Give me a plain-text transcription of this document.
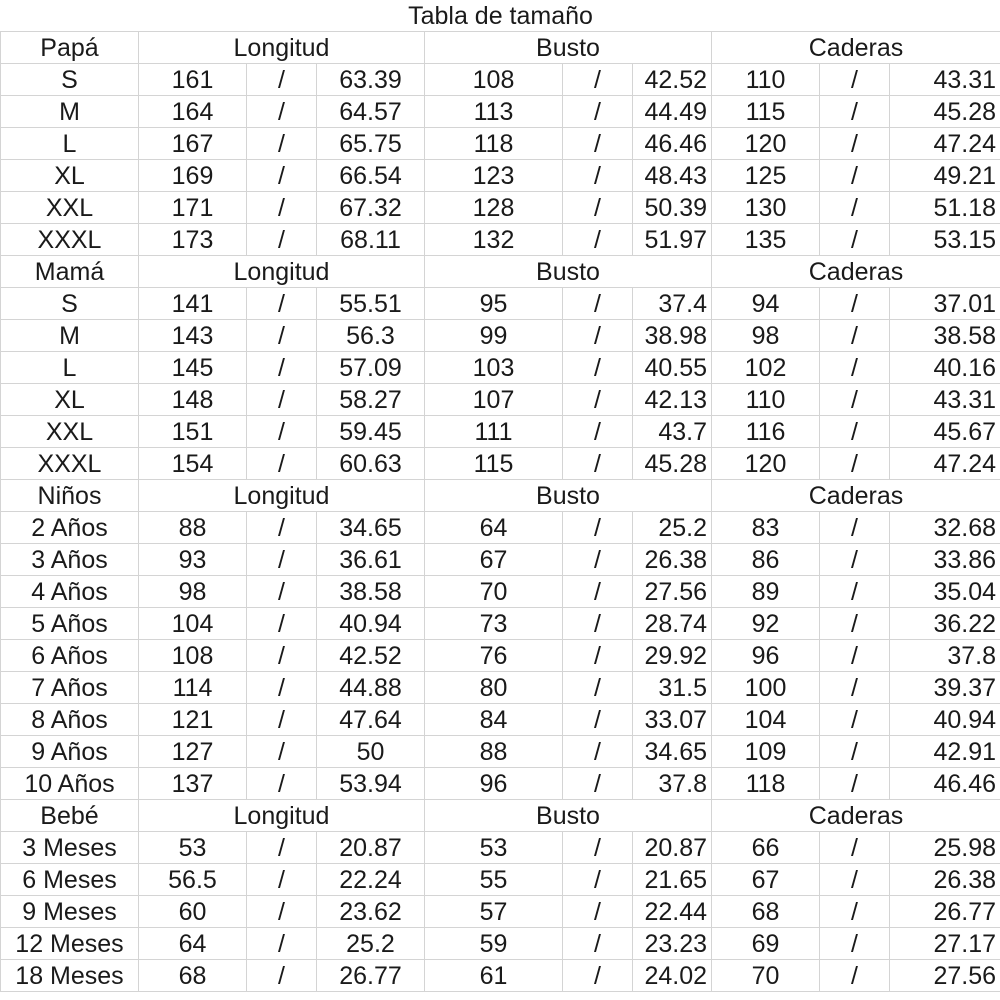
Tabla de tamaño									
Papá	Longitud			Busto			Caderas		
S	161	/	63.39	108	/	42.52	110	/	43.31
M	164	/	64.57	113	/	44.49	115	/	45.28
L	167	/	65.75	118	/	46.46	120	/	47.24
XL	169	/	66.54	123	/	48.43	125	/	49.21
XXL	171	/	67.32	128	/	50.39	130	/	51.18
XXXL	173	/	68.11	132	/	51.97	135	/	53.15
Mamá	Longitud			Busto			Caderas		
S	141	/	55.51	95	/	37.4	94	/	37.01
M	143	/	56.3	99	/	38.98	98	/	38.58
L	145	/	57.09	103	/	40.55	102	/	40.16
XL	148	/	58.27	107	/	42.13	110	/	43.31
XXL	151	/	59.45	111	/	43.7	116	/	45.67
XXXL	154	/	60.63	115	/	45.28	120	/	47.24
Niños	Longitud			Busto			Caderas		
2 Años	88	/	34.65	64	/	25.2	83	/	32.68
3 Años	93	/	36.61	67	/	26.38	86	/	33.86
4 Años	98	/	38.58	70	/	27.56	89	/	35.04
5 Años	104	/	40.94	73	/	28.74	92	/	36.22
6 Años	108	/	42.52	76	/	29.92	96	/	37.8
7 Años	114	/	44.88	80	/	31.5	100	/	39.37
8 Años	121	/	47.64	84	/	33.07	104	/	40.94
9 Años	127	/	50	88	/	34.65	109	/	42.91
10 Años	137	/	53.94	96	/	37.8	118	/	46.46
Bebé	Longitud			Busto			Caderas		
3 Meses	53	/	20.87	53	/	20.87	66	/	25.98
6 Meses	56.5	/	22.24	55	/	21.65	67	/	26.38
9 Meses	60	/	23.62	57	/	22.44	68	/	26.77
12 Meses	64	/	25.2	59	/	23.23	69	/	27.17
18 Meses	68	/	26.77	61	/	24.02	70	/	27.56
